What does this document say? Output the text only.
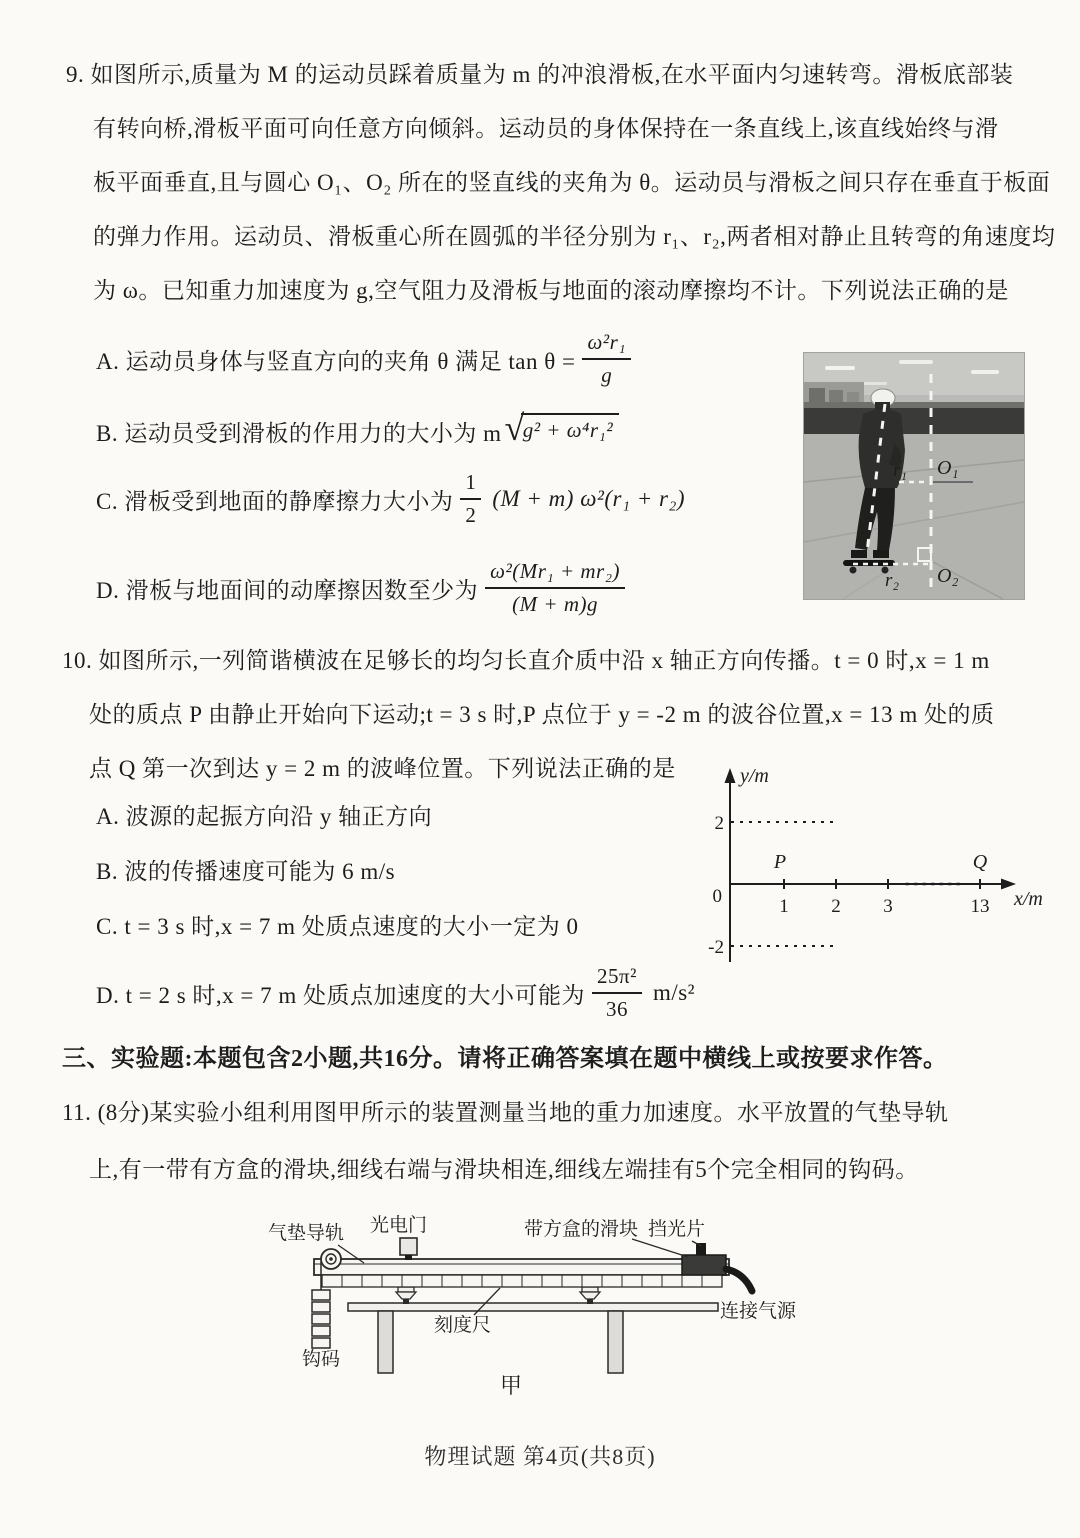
9. 如图所示,质量为 M 的运动员踩着质量为 m 的冲浪滑板,在水平面内匀速转弯。滑板底部装
有转向桥,滑板平面可向任意方向倾斜。运动员的身体保持在一条直线上,该直线始终与滑
板平面垂直,且与圆心 O₁、O₂ 所在的竖直线的夹角为 θ。运动员与滑板之间只存在垂直于板面
的弹力作用。运动员、滑板重心所在圆弧的半径分别为 r₁、r₂,两者相对静止且转弯的角速度均
为 ω。已知重力加速度为 g,空气阻力及滑板与地面的滚动摩擦均不计。下列说法正确的是
A. 运动员身体与竖直方向的夹角 θ 满足 $\tan \theta = \frac{\text{ω²r₁}}{g}$
B. 运动员受到滑板的作用力的大小为 m √
g² + ω⁴r₁²
C. 滑板受到地面的静摩擦力大小为 $\frac{1}{2} (M + m) \omega^2(r_1 + r_2)$
D. 滑板与地面间的动摩擦因数至少为 $\frac{\text{ω²(Mr₁ + mr₂)}}{(M + m)g}$
r₁ O₁
r₂ O₂
10. 如图所示,一列简谐横波在足够长的均匀长直介质中沿 x 轴正方向传播。t = 0 时,x = 1 m
处的质点 P 由静止开始向下运动;t = 3 s 时,P 点位于 y = -2 m 的波谷位置,x = 13 m 处的质
点 Q 第一次到达 y = 2 m 的波峰位置。下列说法正确的是
A. 波源的起振方向沿 y 轴正方向
B. 波的传播速度可能为 6 m/s
C. t = 3 s 时,x = 7 m 处质点速度的大小一定为 0
D. t = 2 s 时,x = 7 m 处质点加速度的大小可能为 $\frac{\text{25π²}}{36} m/s^2$
y/m
x/m
0
2
-2
1 2 3	13
P	Q
三、实验题:本题包含2小题,共16分。请将正确答案填在题中横线上或按要求作答。
11. (8分)某实验小组利用图甲所示的装置测量当地的重力加速度。水平放置的气垫导轨
上,有一带有方盒的滑块,细线右端与滑块相连,细线左端挂有5个完全相同的钩码。
气垫导轨 光电门	带方盒的滑块 挡光片
连接气源
刻度尺
钩码
甲
物理试题 第4页(共8页)
